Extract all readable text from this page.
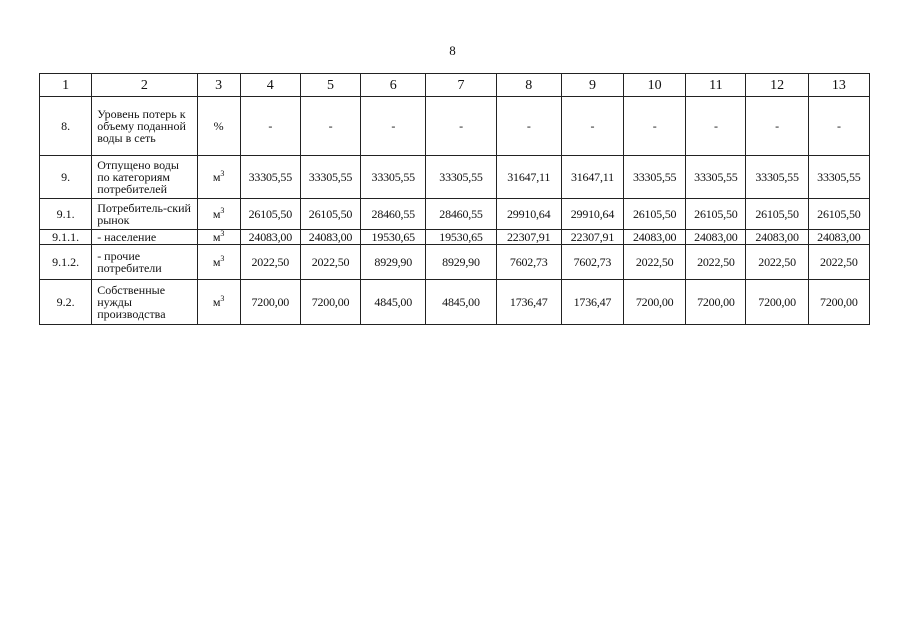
8
1	2	3	4	5	6	7	8	9	10	11	12	13
8.	Уровень потерь к объему поданной воды в сеть	%	-	-	-	-	-	-	-	-	-	-
9.	Отпущено воды по категориям потребителей	$м^3$	33305,55	33305,55	33305,55	33305,55	31647,11	31647,11	33305,55	33305,55	33305,55	33305,55
9.1.	Потребитель-ский рынок	$м^3$	26105,50	26105,50	28460,55	28460,55	29910,64	29910,64	26105,50	26105,50	26105,50	26105,50
9.1.1.	- население	$м^3$	24083,00	24083,00	19530,65	19530,65	22307,91	22307,91	24083,00	24083,00	24083,00	24083,00
9.1.2.	- прочие потребители	$м^3$	2022,50	2022,50	8929,90	8929,90	7602,73	7602,73	2022,50	2022,50	2022,50	2022,50
9.2.	Собственные нужды производства	$м^3$	7200,00	7200,00	4845,00	4845,00	1736,47	1736,47	7200,00	7200,00	7200,00	7200,00
